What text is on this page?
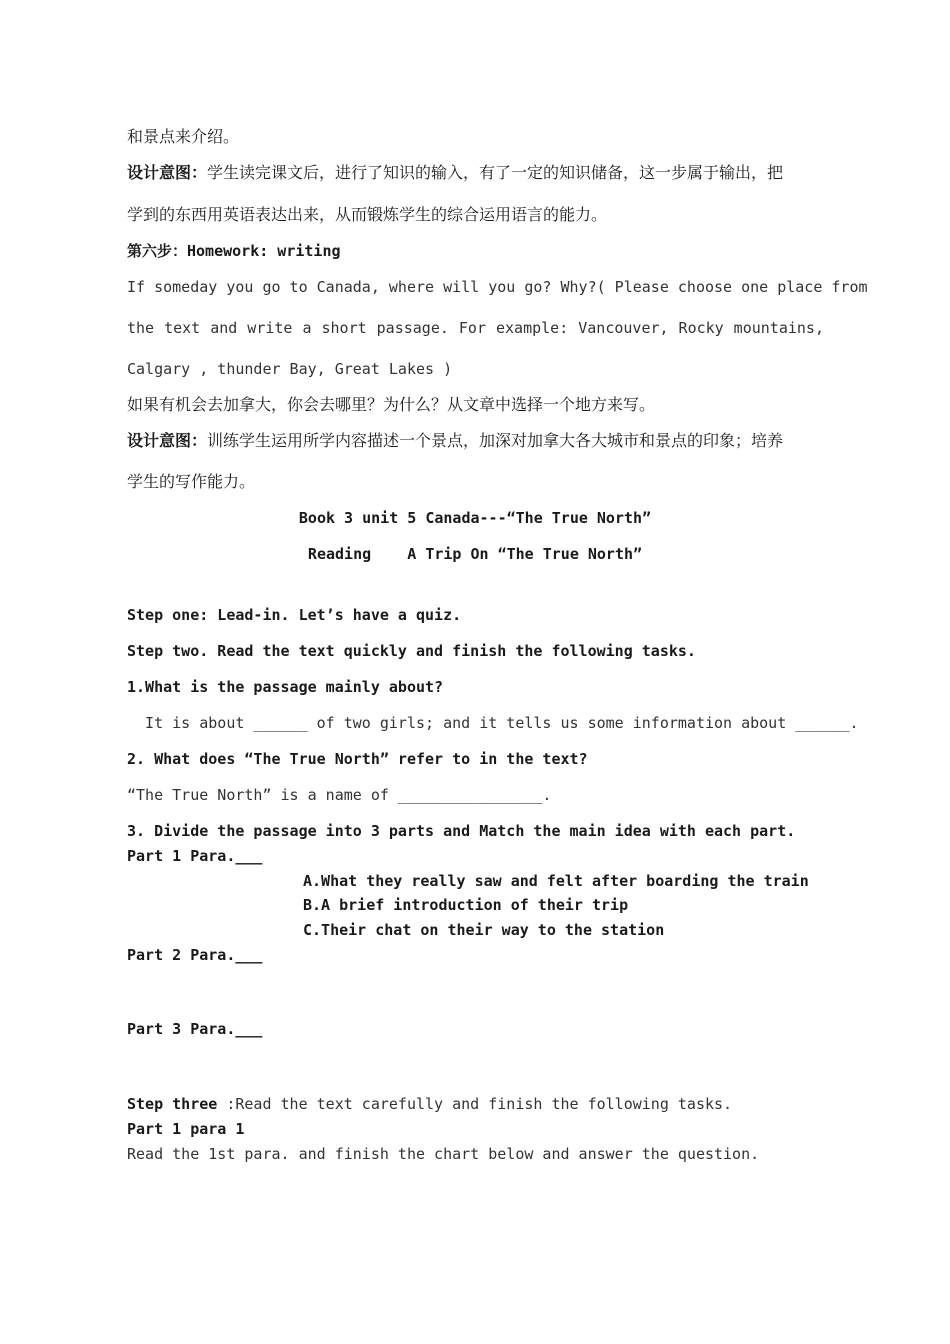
和景点来介绍。
设计意图：学生读完课文后，进行了知识的输入，有了一定的知识储备，这一步属于输出，把
学到的东西用英语表达出来，从而锻炼学生的综合运用语言的能力。
第六步：Homework: writing
If someday you go to Canada, where will you go? Why?( Please choose one place from
the text and write a short passage. For example: Vancouver, Rocky mountains,
Calgary , thunder Bay, Great Lakes )
如果有机会去加拿大，你会去哪里？为什么？从文章中选择一个地方来写。
设计意图：训练学生运用所学内容描述一个景点，加深对加拿大各大城市和景点的印象；培养
学生的写作能力。
Book 3 unit 5 Canada---“The True North”
Reading    A Trip On “The True North”
Step one: Lead-in. Let’s have a quiz.
Step two. Read the text quickly and finish the following tasks.
1.What is the passage mainly about?
It is about ______ of two girls; and it tells us some information about ______.
2. What does “The True North” refer to in the text?
“The True North” is a name of ________________.
3. Divide the passage into 3 parts and Match the main idea with each part.
Part 1 Para.___
A.What they really saw and felt after boarding the train
B.A brief introduction of their trip
C.Their chat on their way to the station
Part 2 Para.___
Part 3 Para.___
Step three :Read the text carefully and finish the following tasks.
Part 1 para 1
Read the 1st para. and finish the chart below and answer the question.
